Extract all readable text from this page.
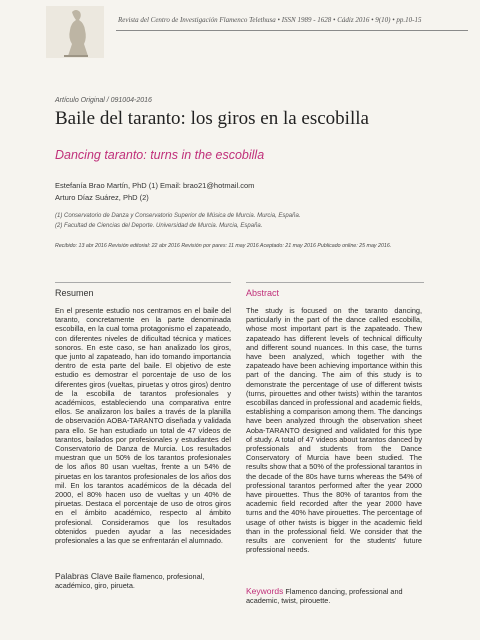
Revista del Centro de Investigación Flamenco Telethusa • ISSN 1989 - 1628 • Cádiz 2016 • 9(10) • pp.10-15
Artículo Original / 091004-2016
Baile del taranto: los giros en la escobilla
Dancing taranto: turns in the escobilla
Estefanía Brao Martín, PhD (1) Email: brao21@hotmail.com
Arturo Díaz Suárez, PhD (2)
(1) Conservatorio de Danza y Conservatorio Superior de Música de Murcia. Murcia, España.
(2) Facultad de Ciencias del Deporte. Universidad de Murcia. Murcia, España.
Recibido: 13 abr 2016 Revisión editorial: 22 abr 2016 Revisión por pares: 11 may 2016 Aceptado: 21 may 2016 Publicado online: 25 may 2016.
Resumen	Abstract
En el presente estudio nos centramos en el baile del taranto, concretamente en la parte denominada escobilla, en la cual toma protagonismo el zapateado, con diferentes niveles de dificultad técnica y matices sonoros. En este caso, se han analizado los giros, que junto al zapateado, han ido tomando importancia dentro de esta parte del baile. El objetivo de este estudio es demostrar el porcentaje de uso de los diferentes giros (vueltas, piruetas y otros giros) dentro de la escobilla de tarantos profesionales y académicos, estableciendo una comparativa entre ellos. Se analizaron los bailes a través de la planilla de observación AOBA-TARANTO diseñada y validada para ello. Se han estudiado un total de 47 vídeos de tarantos, bailados por profesionales y estudiantes del Conservatorio de Danza de Murcia. Los resultados muestran que un 50% de los tarantos profesionales de los años 80 usan vueltas, frente a un 54% de piruetas en los tarantos profesionales de los años dos mil. En los tarantos académicos de la década del 2000, el 80% hacen uso de vueltas y un 40% de piruetas. Destaca el porcentaje de uso de otros giros en el ámbito académico, respecto al ámbito profesional. Consideramos que los resultados obtenidos pueden ayudar a las necesidades profesionales a las que se enfrentarán el alumnado.
The study is focused on the taranto dancing, particularly in the part of the dance called escobilla, whose most important part is the zapateado. Thew zapateado has different levels of technical difficulty and different sound nuances. In this case, the turns have been analyzed, which together with the zapateado have been achieving importance within this part of the dancing. The aim of this study is to demonstrate the percentage of use of different twists (turns, pirouettes and other twists) within the tarantos escobillas danced in professional and academic fields, establishing a comparison among them. The dancings have been analyzed through the observation sheet Aoba-TARANTO designed and validated for this type of study. A total of 47 videos about tarantos danced by professionals and students from the Dance Conservatory of Murcia have been studied. The results show that a 50% of the professional tarantos in the decade of the 80s have turns whereas the 54% of professional tarantos performed after the year 2000 have pirouettes. Thus the 80% of tarantos from the academic field recorded after the year 2000 have turns and the 40% have pirouettes. The percentage of usage of other twists is bigger in the academic field than in the professional field. We consider that the results are convenient for the students' future professional needs.
Palabras Clave Baile flamenco, profesional, académico, giro, pirueta.
Keywords Flamenco dancing, professional and academic, twist, pirouette.
